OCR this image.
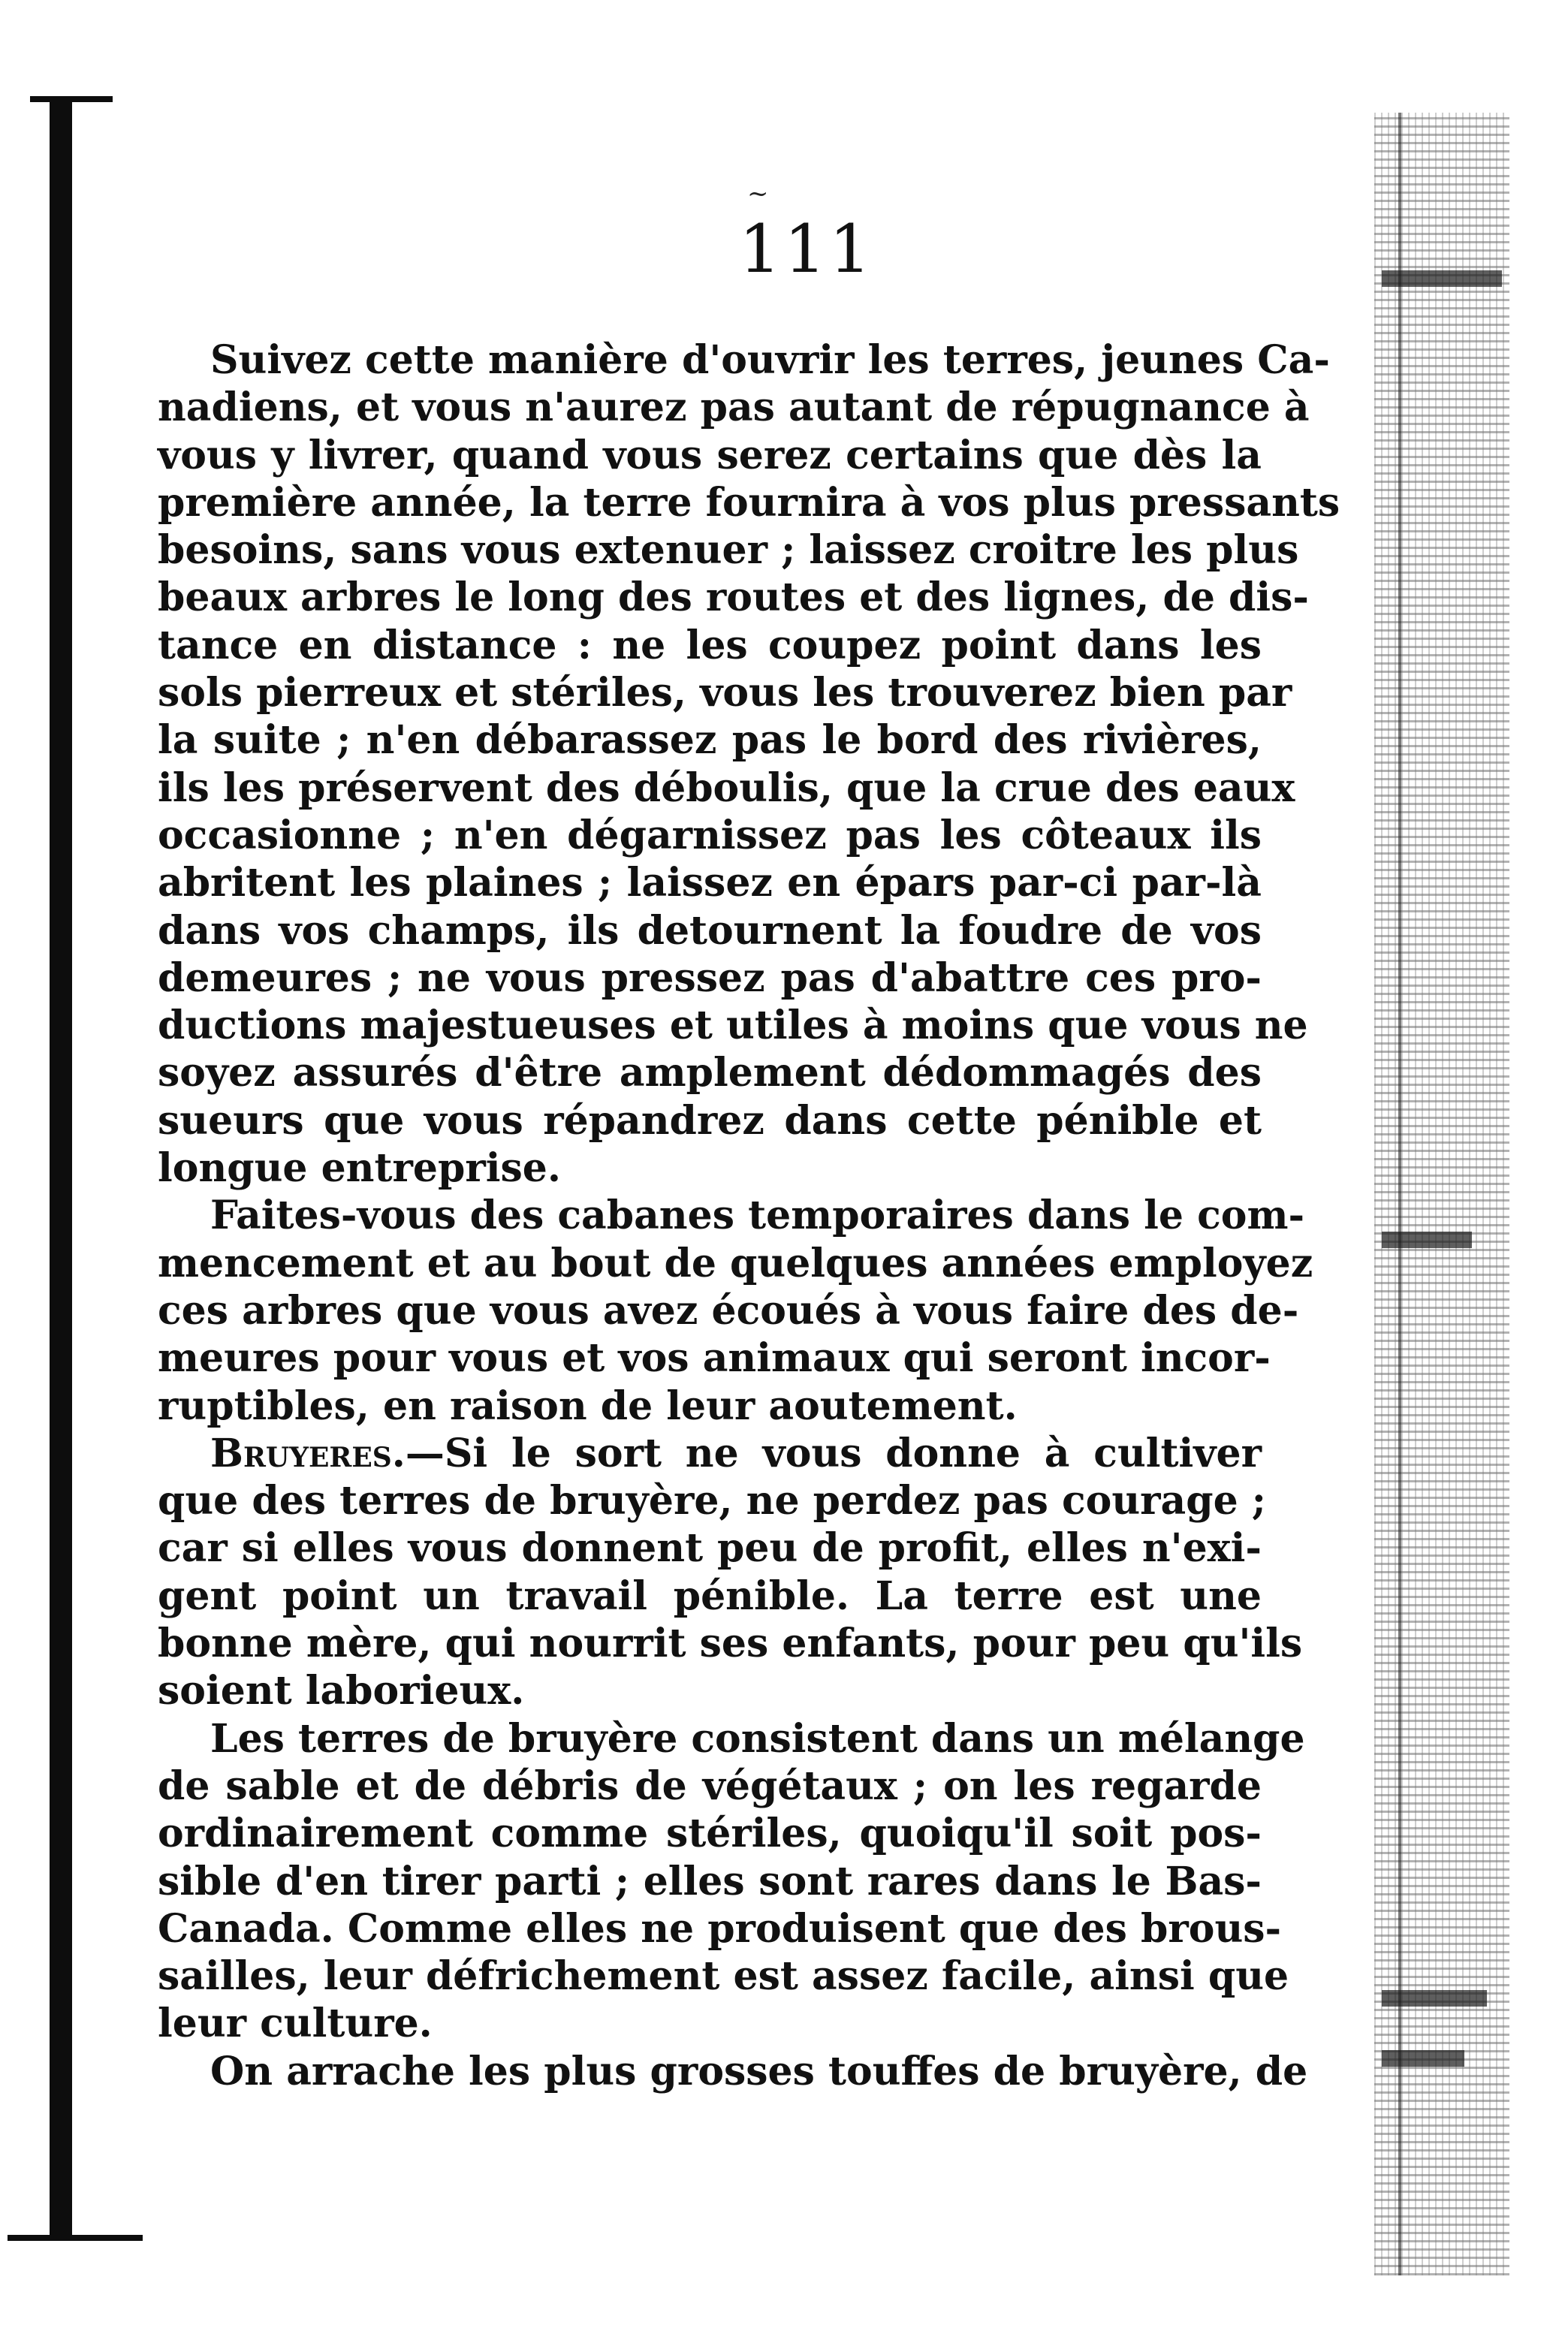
~
111
Suivez cette manière d'ouvrir les terres, jeunes Ca-
nadiens, et vous n'aurez pas autant de répugnance à
vous y livrer, quand vous serez certains que dès la
première année, la terre fournira à vos plus pressants
besoins, sans vous extenuer ; laissez croitre les plus
beaux arbres le long des routes et des lignes, de dis-
tance en distance : ne les coupez point dans les
sols pierreux et stériles, vous les trouverez bien par
la suite ; n'en débarassez pas le bord des rivières,
ils les préservent des déboulis, que la crue des eaux
occasionne ; n'en dégarnissez pas les côteaux ils
abritent les plaines ; laissez en épars par-ci par-là
dans vos champs, ils detournent la foudre de vos
demeures ; ne vous pressez pas d'abattre ces pro-
ductions majestueuses et utiles à moins que vous ne
soyez assurés d'être amplement dédommagés des
sueurs que vous répandrez dans cette pénible et
longue entreprise.
Faites-vous des cabanes temporaires dans le com-
mencement et au bout de quelques années employez
ces arbres que vous avez écoués à vous faire des de-
meures pour vous et vos animaux qui seront incor-
ruptibles, en raison de leur aoutement.
Bruyeres.—Si le sort ne vous donne à cultiver
que des terres de bruyère, ne perdez pas courage ;
car si elles vous donnent peu de profit, elles n'exi-
gent point un travail pénible. La terre est une
bonne mère, qui nourrit ses enfants, pour peu qu'ils
soient laborieux.
Les terres de bruyère consistent dans un mélange
de sable et de débris de végétaux ; on les regarde
ordinairement comme stériles, quoiqu'il soit pos-
sible d'en tirer parti ; elles sont rares dans le Bas-
Canada. Comme elles ne produisent que des brous-
sailles, leur défrichement est assez facile, ainsi que
leur culture.
On arrache les plus grosses touffes de bruyère, de
